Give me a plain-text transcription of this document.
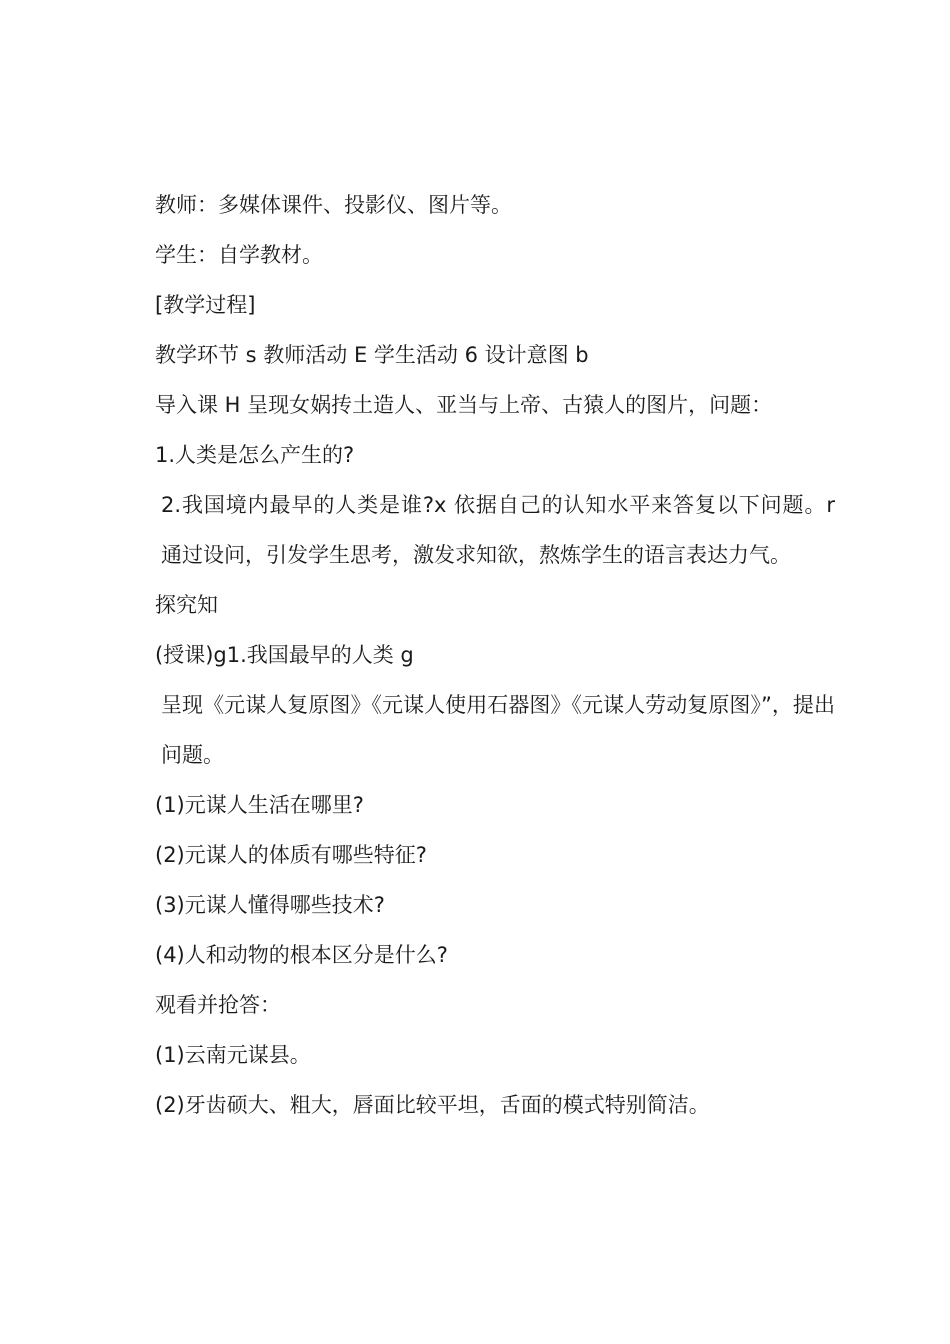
教师：多媒体课件、投影仪、图片等。

学生：自学教材。

[教学过程]

教学环节 s 教师活动 E 学生活动 6 设计意图 b

导入课 H 呈现女娲抟土造人、亚当与上帝、古猿人的图片，问题：

1.人类是怎么产生的?

2.我国境内最早的人类是谁?x 依据自己的认知水平来答复以下问题。r 通过设问，引发学生思考，激发求知欲，熬炼学生的语言表达力气。

探究知

(授课)g1.我国最早的人类 g

呈现《元谋人复原图》《元谋人使用石器图》《元谋人劳动复原图》”，提出问题。

(1)元谋人生活在哪里?

(2)元谋人的体质有哪些特征?

(3)元谋人懂得哪些技术?

(4)人和动物的根本区分是什么?

观看并抢答：

(1)云南元谋县。

(2)牙齿硕大、粗大，唇面比较平坦，舌面的模式特别简洁。
